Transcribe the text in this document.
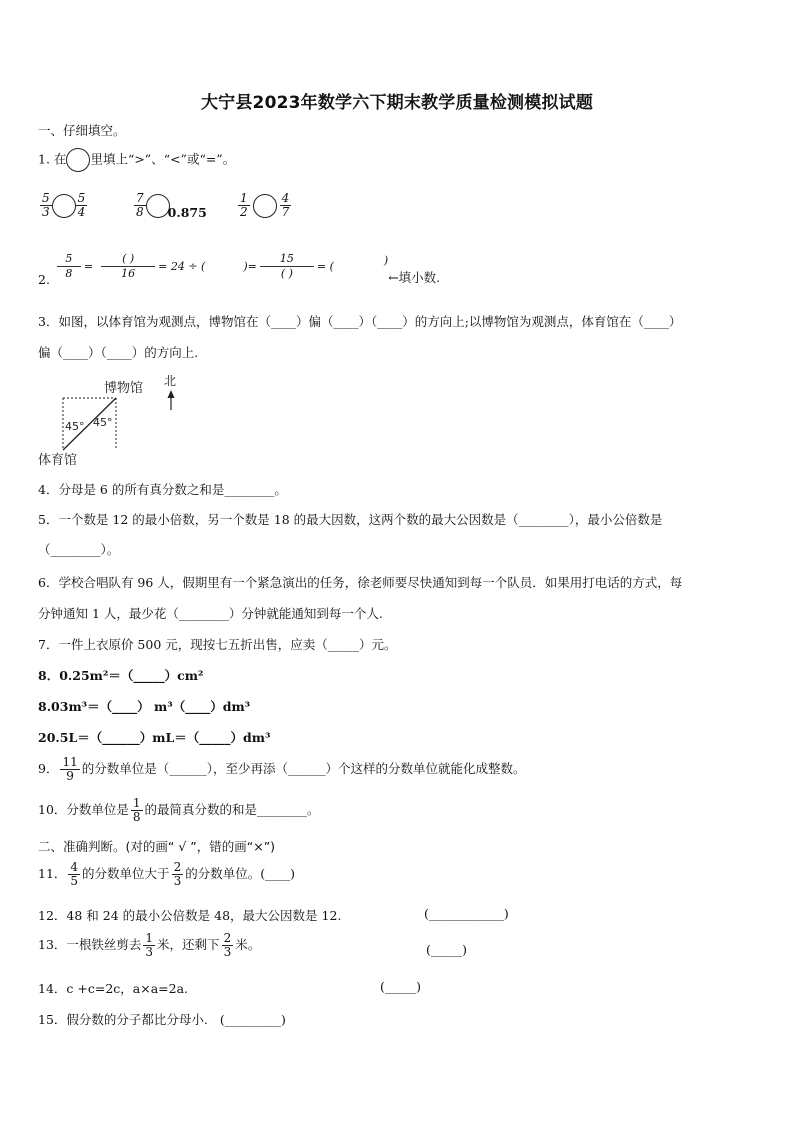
大宁县2023年数学六下期末教学质量检测模拟试题
一、仔细填空。
1. 在 里填上“>”、“<”或“=”。
$\frac{5}{3} \frac{5}{4}$	$\frac{7}{8} 0.875$	$\frac{1}{2}$	$\frac{4}{7}$
2. $\frac{5}{8}$ =
( )
16
= 24 ÷ (	)=
15
( )
= (	)←填小数.
3．如图，以体育馆为观测点，博物馆在（____）偏（____）（____）的方向上;以博物馆为观测点，体育馆在（____）
偏（____）（____）的方向上.
博物馆 北
45° 45°
体育馆
4．分母是 6 的所有真分数之和是________。
5．一个数是 12 的最小倍数，另一个数是 18 的最大因数，这两个数的最大公因数是（________），最小公倍数是
（________）。
6．学校合唱队有 96 人，假期里有一个紧急演出的任务，徐老师要尽快通知到每一个队员．如果用打电话的方式，每
分钟通知 1 人，最少花（________）分钟就能通知到每一个人.
7．一件上衣原价 500 元，现按七五折出售，应卖（_____）元。
8．0.25m²＝（_____）cm²
8.03m³＝（____） m³（____）dm³
20.5L＝（______）mL＝（_____）dm³
9． $\frac{11}{9}$ 的分数单位是（______），至少再添（______）个这样的分数单位就能化成整数。
10．分数单位是 $\frac{1}{8}$ 的最简真分数的和是________。
二、准确判断。(对的画“ √ ”，错的画“×”)
11． $\frac{4}{5}$ 的分数单位大于 $\frac{2}{3}$ 的分数单位。(____)
12．48 和 24 的最小公倍数是 48，最大公因数是 12.	(____________)
13．一根铁丝剪去 $\frac{1}{3}$ 米，还剩下 $\frac{2}{3}$ 米。	(_____)
14．c +c=2c，a×a=2a.	(_____)
15．假分数的分子都比分母小. (_________)
